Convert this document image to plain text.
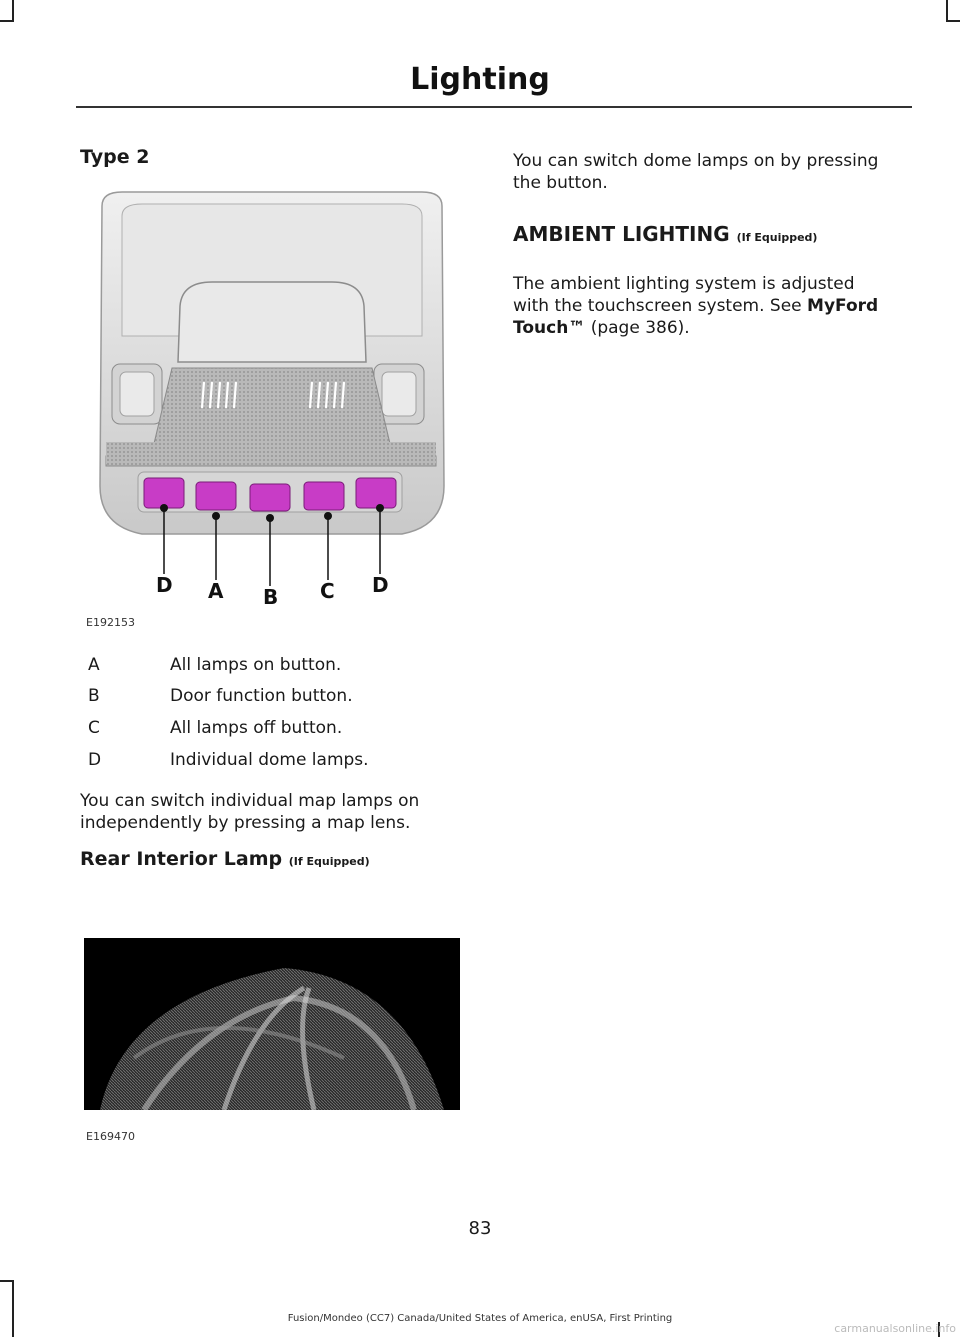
Lighting
Type 2
D A B C D
E192153
A	All lamps on button.
B	Door function button.
C	All lamps off button.
D	Individual dome lamps.
You can switch individual map lamps on
independently by pressing a map lens.
Rear Interior Lamp (If Equipped)
E169470
You can switch dome lamps on by pressing
the button.
AMBIENT LIGHTING (If Equipped)
The ambient lighting system is adjusted
with the touchscreen system. See MyFord
Touch™ (page 386).
83
Fusion/Mondeo (CC7) Canada/United States of America, enUSA, First Printing
carmanualsonline.info
